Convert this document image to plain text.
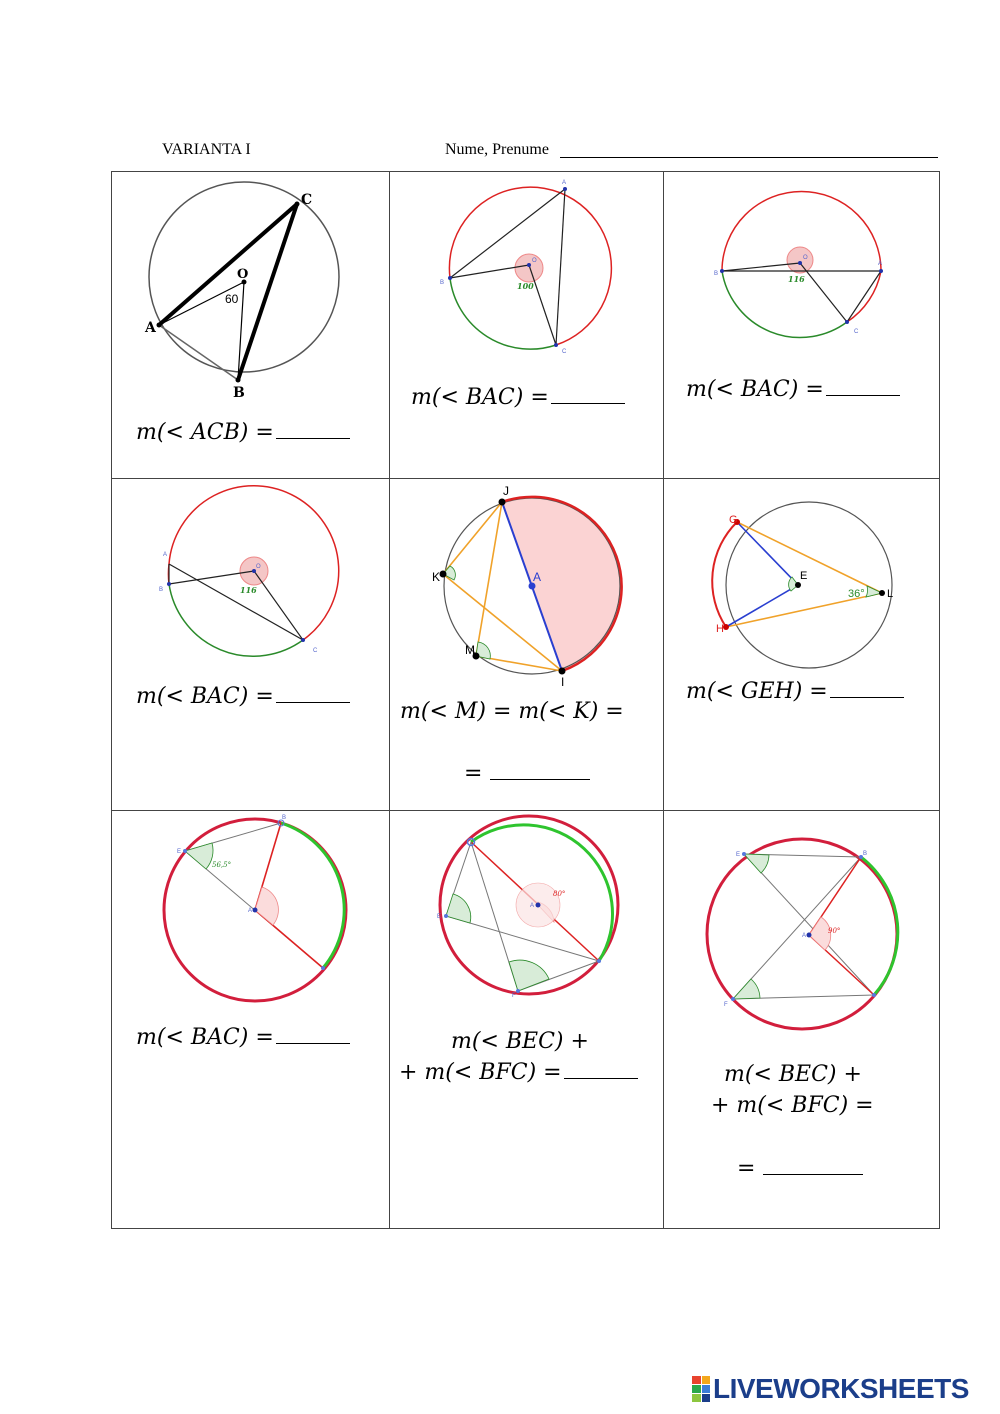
VARIANTA I	Nume, Prenume
A
B
C
O
60
m(< ACB) =
A
B
C
O
100
m(< BAC) =
A
B
C
O
116
m(< BAC) =
A
B
C
O
116
m(< BAC) =
J
K
M
A
I
m(< M) = m(< K) =
=
G
E
H
L
36°
m(< GEH) =
E
B
A
56,5°
m(< BAC) =
E
A
F
80°
m(< BEC) +
+ m(< BFC) =
E	B
A
F
90°
m(< BEC) +
+ m(< BFC) =
=
LIVEWORKSHEETS
